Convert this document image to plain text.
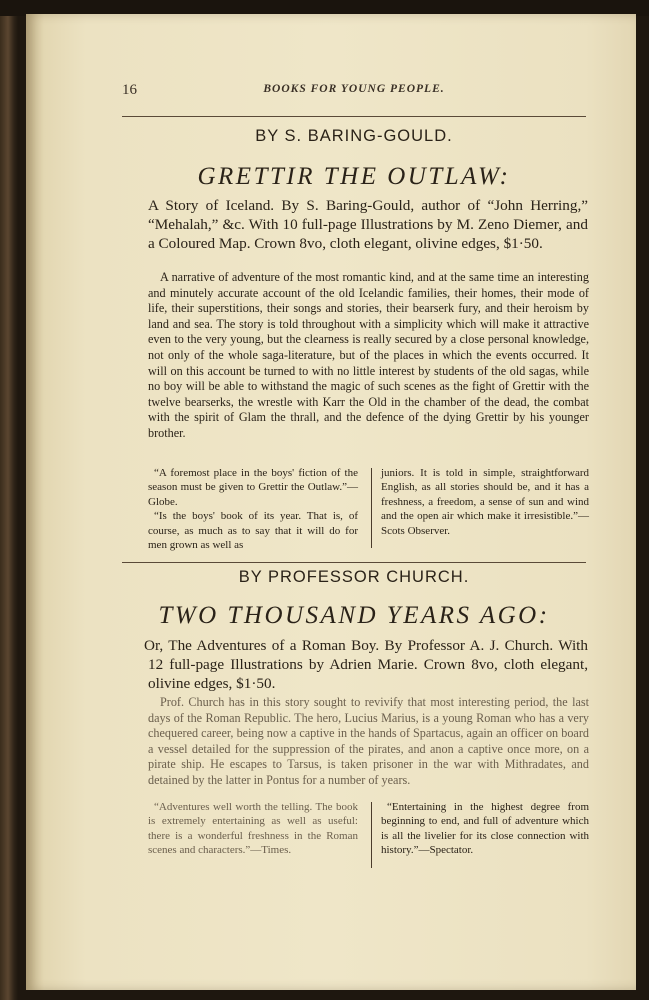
16	BOOKS FOR YOUNG PEOPLE.
BY S. BARING-GOULD.
GRETTIR THE OUTLAW:
A Story of Iceland. By S. Baring-Gould, author of “John Herring,” “Mehalah,” &c. With 10 full-page Illustrations by M. Zeno Diemer, and a Coloured Map. Crown 8vo, cloth elegant, olivine edges, $1·50.

A narrative of adventure of the most romantic kind, and at the same time an interesting and minutely accurate account of the old Icelandic families, their homes, their mode of life, their superstitions, their songs and stories, their bearserk fury, and their heroism by land and sea. The story is told throughout with a simplicity which will make it attractive even to the very young, but the clearness is really secured by a close personal knowledge, not only of the whole saga-literature, but of the places in which the events occurred. It will on this account be turned to with no little interest by students of the old sagas, while no boy will be able to withstand the magic of such scenes as the fight of Grettir with the twelve bearserks, the wrestle with Karr the Old in the chamber of the dead, the combat with the spirit of Glam the thrall, and the defence of the dying Grettir by his younger brother.

“A foremost place in the boys' fiction of the season must be given to Grettir the Outlaw.”—Globe.

“Is the boys' book of its year. That is, of course, as much as to say that it will do for men grown as well as

juniors. It is told in simple, straightforward English, as all stories should be, and it has a freshness, a freedom, a sense of sun and wind and the open air which make it irresistible.”—Scots Observer.

BY PROFESSOR CHURCH.
TWO THOUSAND YEARS AGO:
Or, The Adventures of a Roman Boy. By Professor A. J. Church. With 12 full-page Illustrations by Adrien Marie. Crown 8vo, cloth elegant, olivine edges, $1·50.

Prof. Church has in this story sought to revivify that most interesting period, the last days of the Roman Republic. The hero, Lucius Marius, is a young Roman who has a very chequered career, being now a captive in the hands of Spartacus, again an officer on board a vessel detailed for the suppression of the pirates, and anon a captive once more, on a pirate ship. He escapes to Tarsus, is taken prisoner in the war with Mithradates, and detained by the latter in Pontus for a number of years.

“Adventures well worth the telling. The book is extremely entertaining as well as useful: there is a wonderful freshness in the Roman scenes and characters.”—Times.

“Entertaining in the highest degree from beginning to end, and full of adventure which is all the livelier for its close connection with history.”—Spectator.
